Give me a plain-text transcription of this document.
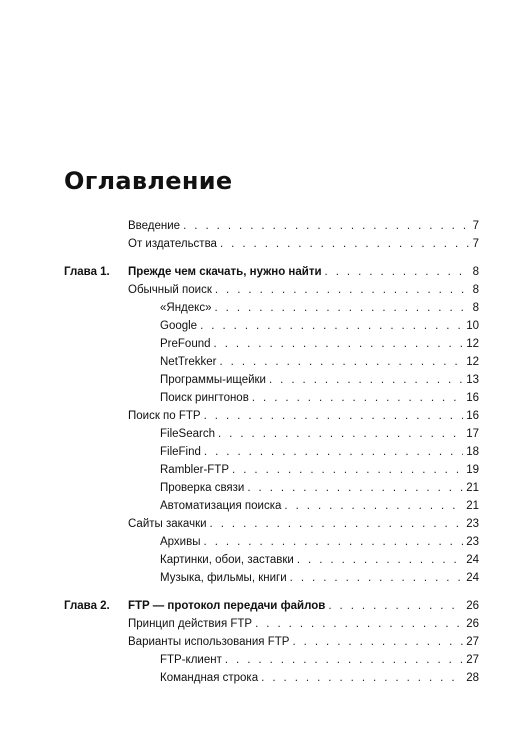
Оглавление
Введение . . .	7
От издательства . . .	7
Глава 1.	Прежде чем скачать, нужно найти . . .	8
Обычный поиск . . .	8
«Яндекс» . . .	8
Google . . .	10
PreFound . . .	12
NetTrekker . . .	12
Программы-ищейки . . .	13
Поиск рингтонов . . .	16
Поиск по FTP . . .	16
FileSearch . . .	17
FileFind . . .	18
Rambler-FTP . . .	19
Проверка связи . . .	21
Автоматизация поиска . . .	21
Сайты закачки . . .	23
Архивы . . .	23
Картинки, обои, заставки . . .	24
Музыка, фильмы, книги . . .	24
Глава 2.	FTP — протокол передачи файлов . . .	26
Принцип действия FTP . . .	26
Варианты использования FTP . . .	27
FTP-клиент . . .	27
Командная строка . . .	28
